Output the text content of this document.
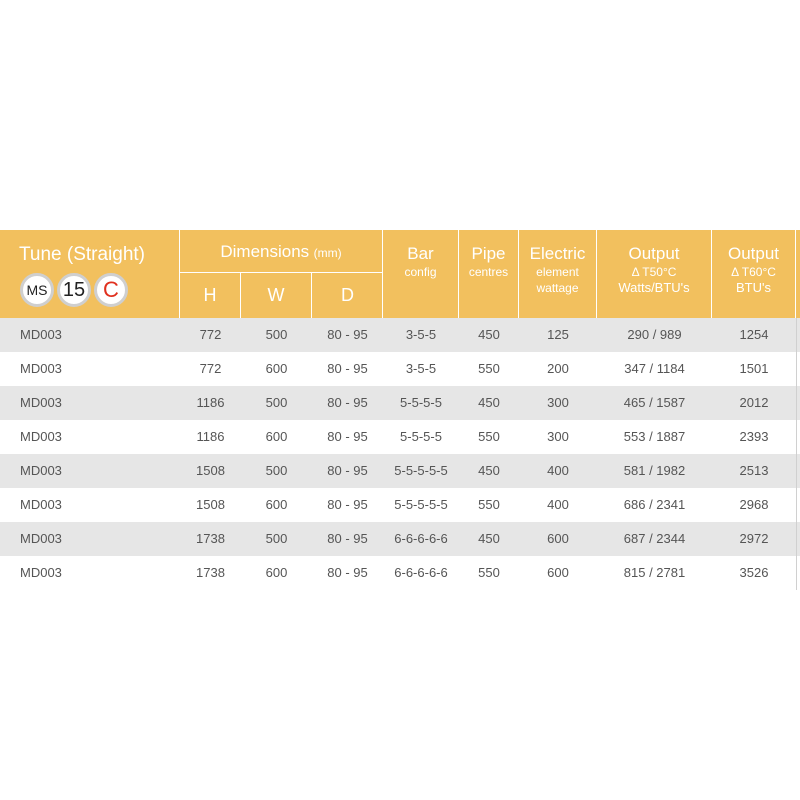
Tune (Straight)
MS 15 C
Dimensions (mm)
H	W	D
Bar
config
Pipe
centres
Electric
element
wattage
Output
Δ T50°C
Watts/BTU's
Output
Δ T60°C
BTU's
MD003	772	500	80 - 95	3-5-5	450	125	290 / 989	1254
MD003	772	600	80 - 95	3-5-5	550	200	347 / 1184	1501
MD003	1186	500	80 - 95	5-5-5-5	450	300	465 / 1587	2012
MD003	1186	600	80 - 95	5-5-5-5	550	300	553 / 1887	2393
MD003	1508	500	80 - 95	5-5-5-5-5	450	400	581 / 1982	2513
MD003	1508	600	80 - 95	5-5-5-5-5	550	400	686 / 2341	2968
MD003	1738	500	80 - 95	6-6-6-6-6	450	600	687 / 2344	2972
MD003	1738	600	80 - 95	6-6-6-6-6	550	600	815 / 2781	3526
